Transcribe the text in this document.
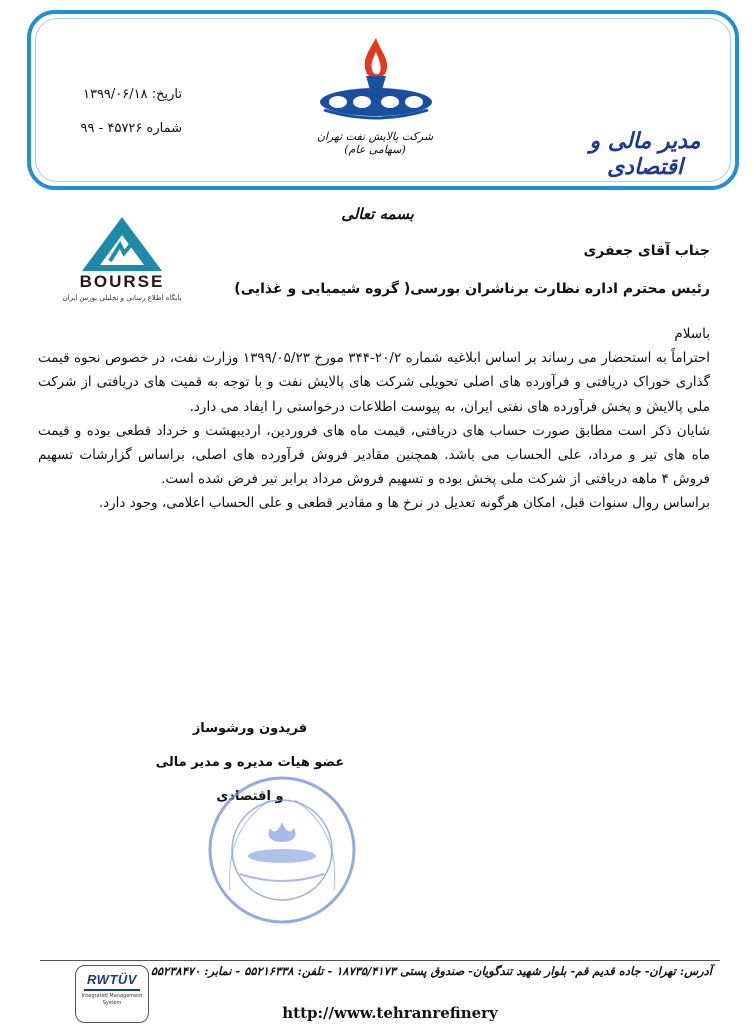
تاریخ: ۱۳۹۹/۰۶/۱۸
شماره ۴۵۷۲۶ - ۹۹
شرکت پالایش نفت تهران (سهامی عام)	مدیر مالی و اقتصادی
بسمه تعالی
BOURSE
پایگاه اطلاع رسانی و تحلیلی بورس ایران
جناب آقای جعفری
رئیس محترم اداره نظارت برناشران بورسی( گروه شیمیایی و غذایی)

باسلام

احتراماً به استحضار می رساند بر اساس ابلاغیه شماره ۲۰/۲-۳۴۴ مورخ ۱۳۹۹/۰۵/۲۳ وزارت نفت، در خصوص نحوه قیمت گذاری خوراک دریافتی و فرآورده های اصلی تحویلی شرکت های پالایش نفت و با توجه به قمیت های دریافتی از شرکت ملی پالایش و پخش فرآورده های نفتی ایران، به پیوست اطلاعات درخواستی را ایفاد می دارد.

شایان ذکر است مطابق صورت حساب های دریافتی، قیمت ماه های فروردین، اردیبهشت و خرداد قطعی بوده و قیمت ماه های تیر و مرداد، علی الحساب می باشد. همچنین مقادیر فروش فرآورده های اصلی، براساس گزارشات تسهیم فروش ۴ ماهه دریافتی از شرکت ملی پخش بوده و تسهیم فروش مرداد برابر تیر فرض شده است.

براساس روال سنوات قبل، امکان هرگونه تعدیل در نرخ ها و مقادیر قطعی و علی الحساب اعلامی، وجود دارد.

فریدون ورشوساز
عضو هیات مدیره و مدیر مالی و اقتصادی
آدرس: تهران- جاده قدیم قم- بلوار شهید تندگویان- صندوق پستی ۱۸۷۳۵/۴۱۷۳ - تلفن: ۵۵۲۱۶۳۳۸ - نمابر: ۵۵۲۳۸۴۷۰
http://www.tehranrefinery
RWTÜV
Integrated Management System
